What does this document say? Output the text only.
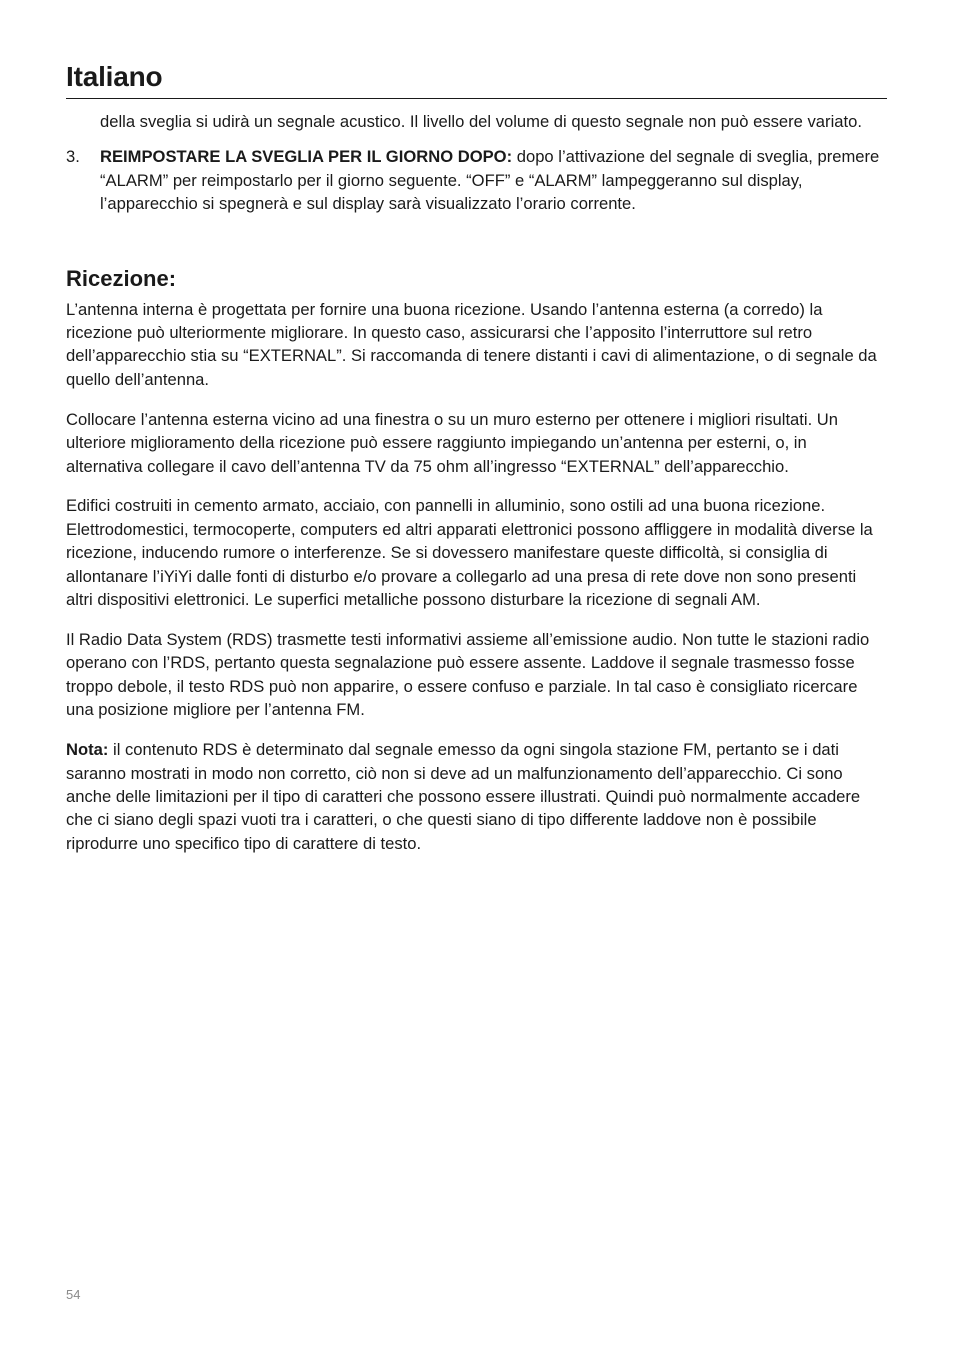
Italiano

della sveglia si udirà un segnale acustico. Il livello del volume di questo segnale non può essere variato.

3.	REIMPOSTARE LA SVEGLIA PER IL GIORNO DOPO: dopo l’attivazione del segnale di sveglia, premere “ALARM” per reimpostarlo per il giorno seguente. “OFF” e “ALARM” lampeggeranno sul display, l’apparecchio si spegnerà e sul display sarà visualizzato l’orario corrente.
Ricezione:

L’antenna interna è progettata per fornire una buona ricezione. Usando l’antenna esterna (a corredo) la ricezione può ulteriormente migliorare. In questo caso, assicurarsi che l’apposito l’interruttore sul retro dell’apparecchio stia su “EXTERNAL”. Si raccomanda di tenere distanti i cavi di alimentazione, o di segnale da quello dell’antenna.

Collocare l’antenna esterna vicino ad una finestra o su un muro esterno per ottenere i migliori risultati. Un ulteriore miglioramento della ricezione può essere raggiunto impiegando un’antenna per esterni, o, in alternativa collegare il cavo dell’antenna TV da 75 ohm all’ingresso “EXTERNAL” dell’apparecchio.

Edifici costruiti in cemento armato, acciaio, con pannelli in alluminio, sono ostili ad una buona ricezione. Elettrodomestici, termocoperte, computers ed altri apparati elettronici possono affliggere in modalità diverse la ricezione, inducendo rumore o interferenze. Se si dovessero manifestare queste difficoltà, si consiglia di allontanare l’iYiYi dalle fonti di disturbo e/o provare a collegarlo ad una presa di rete dove non sono presenti altri dispositivi elettronici. Le superfici metalliche possono disturbare la ricezione di segnali AM.

Il Radio Data System (RDS) trasmette testi informativi assieme all’emissione audio. Non tutte le stazioni radio operano con l’RDS, pertanto questa segnalazione può essere assente. Laddove il segnale trasmesso fosse troppo debole, il testo RDS può non apparire, o essere confuso e parziale. In tal caso è consigliato ricercare una posizione migliore per l’antenna FM.

Nota: il contenuto RDS è determinato dal segnale emesso da ogni singola stazione FM, pertanto se i dati saranno mostrati in modo non corretto, ciò non si deve ad un malfunzionamento dell’apparecchio. Ci sono anche delle limitazioni per il tipo di caratteri che possono essere illustrati. Quindi può normalmente accadere che ci siano degli spazi vuoti tra i caratteri, o che questi siano di tipo differente laddove non è possibile riprodurre uno specifico tipo di carattere di testo.

54
